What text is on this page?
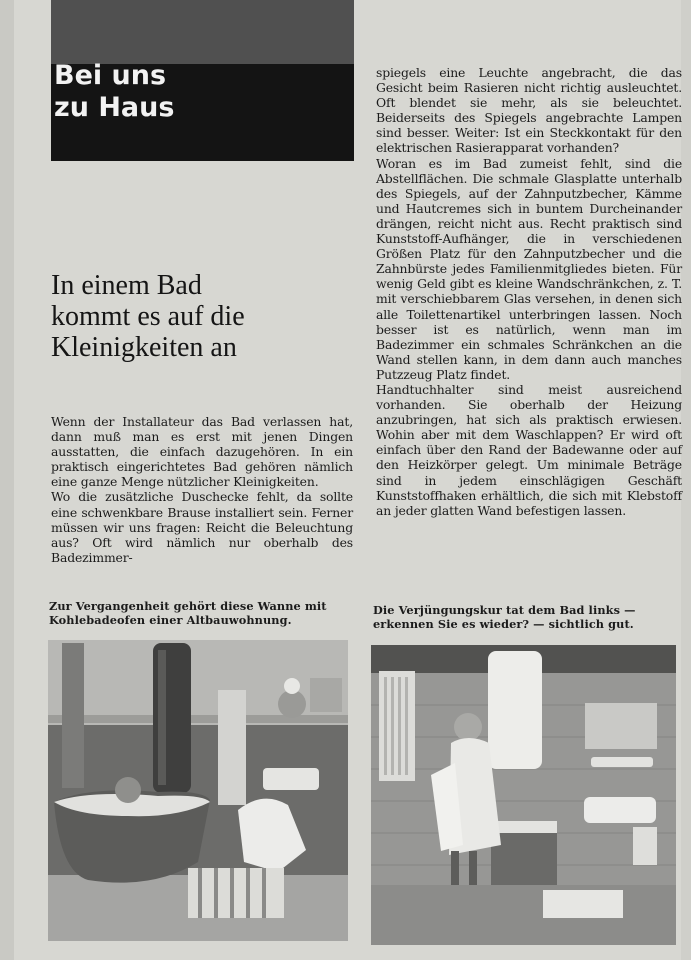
Bei uns
zu Haus
In einem Bad
kommt es auf die
Kleinigkeiten an

Wenn der Installateur das Bad verlassen hat, dann muß man es erst mit jenen Dingen ausstatten, die einfach dazugehören. In ein praktisch eingerichtetes Bad gehören nämlich eine ganze Menge nützlicher Kleinigkeiten.

Wo die zusätzliche Duschecke fehlt, da sollte eine schwenkbare Brause installiert sein. Ferner müssen wir uns fragen: Reicht die Beleuchtung aus? Oft wird nämlich nur oberhalb des Badezimmer-

spiegels eine Leuchte angebracht, die das Gesicht beim Rasieren nicht richtig ausleuchtet. Oft blendet sie mehr, als sie beleuchtet. Beiderseits des Spiegels angebrachte Lampen sind besser. Weiter: Ist ein Steckkontakt für den elektrischen Rasierapparat vorhanden?

Woran es im Bad zumeist fehlt, sind die Abstellflächen. Die schmale Glasplatte unterhalb des Spiegels, auf der Zahnputzbecher, Kämme und Hautcremes sich in buntem Durcheinander drängen, reicht nicht aus. Recht praktisch sind Kunststoff-Aufhänger, die in verschiedenen Größen Platz für den Zahnputzbecher und die Zahnbürste jedes Familienmitgliedes bieten. Für wenig Geld gibt es kleine Wandschränkchen, z. T. mit verschiebbarem Glas versehen, in denen sich alle Toilettenartikel unterbringen lassen. Noch besser ist es natürlich, wenn man im Badezimmer ein schmales Schränkchen an die Wand stellen kann, in dem dann auch manches Putzzeug Platz findet.

Handtuchhalter sind meist ausreichend vorhanden. Sie oberhalb der Heizung anzubringen, hat sich als praktisch erwiesen. Wohin aber mit dem Waschlappen? Er wird oft einfach über den Rand der Badewanne oder auf den Heizkörper gelegt. Um minimale Beträge sind in jedem einschlägigen Geschäft Kunststoffhaken erhältlich, die sich mit Klebstoff an jeder glatten Wand befestigen lassen.

Zur Vergangenheit gehört diese Wanne mit Kohlebadeofen einer Altbauwohnung.

Die Verjüngungskur tat dem Bad links — erkennen Sie es wieder? — sichtlich gut.
